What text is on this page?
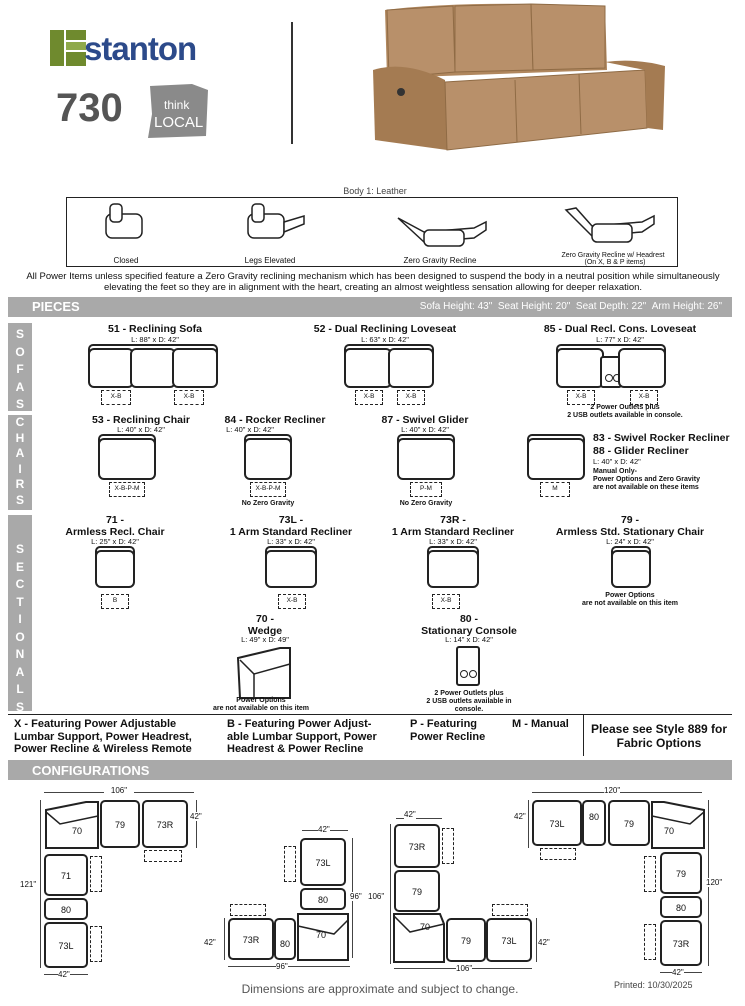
stanton
730	think
LOCAL
Body 1: Leather
Closed	Legs Elevated	Zero Gravity Recline
Zero Gravity Recline w/ Headrest
(On X, B & P items)
All Power Items unless specified feature a Zero Gravity reclining mechanism which has been designed to suspend the body in a neutral position while simultaneously elevating the feet so they are in alignment with the heart, creating an almost weightless sensation allowing for deeper relaxation.
PIECES	Sofa Height: 43" Seat Height: 20" Seat Depth: 22" Arm Height: 26"
S
O
F
A
S
C
H
A
I
R
S
S
E
C
T
I
O
N
A
L
S
51 - Reclining Sofa
L: 88" x D: 42"
X-B	X-B
52 - Dual Reclining Loveseat
L: 63" x D: 42"
X-B	X-B
85 - Dual Recl. Cons. Loveseat
L: 77" x D: 42"
X-B	X-B
2 Power Outlets plus
2 USB outlets available in console.
53 - Reclining Chair
L: 40" x D: 42"
X-B-P-M
84 - Rocker Recliner
L: 40" x D: 42"
X-B-P-M
No Zero Gravity
87 - Swivel Glider
L: 40" x D: 42"
P-M
No Zero Gravity
M
83 - Swivel Rocker Recliner
88 - Glider Recliner
L: 40" x D: 42"
Manual Only-
Power Options and Zero Gravity
are not available on these items
71 -
Armless Recl. Chair
L: 25" x D: 42"
B
73L -
1 Arm Standard Recliner
L: 33" x D: 42"
X-B
73R -
1 Arm Standard Recliner
L: 33" x D: 42"
X-B
79 -
Armless Std. Stationary Chair
L: 24" x D: 42"
Power Options
are not available on this item
70 -
Wedge
L: 49" x D: 49"
Power Options
are not available on this item
80 -
Stationary Console
L: 14" x D: 42"
2 Power Outlets plus
2 USB outlets available in
console.
X - Featuring Power Adjustable Lumbar Support, Power Headrest, Power Recline & Wireless Remote
B - Featuring Power Adjust- able Lumbar Support, Power Headrest & Power Recline
P - Featuring Power Recline
M - Manual	Please see Style 889 for Fabric Options
CONFIGURATIONS
106"
70
79	73R
42"
71
80
73L
121"
42"
42"
73L
80	96"
73R	80
70
42"
96"
42"
73R
79
70
79	73L
106"
42"
106"
120"
42"
73L
80
79
70
79
80
73R
120"
42"
Dimensions are approximate and subject to change.	Printed: 10/30/2025
